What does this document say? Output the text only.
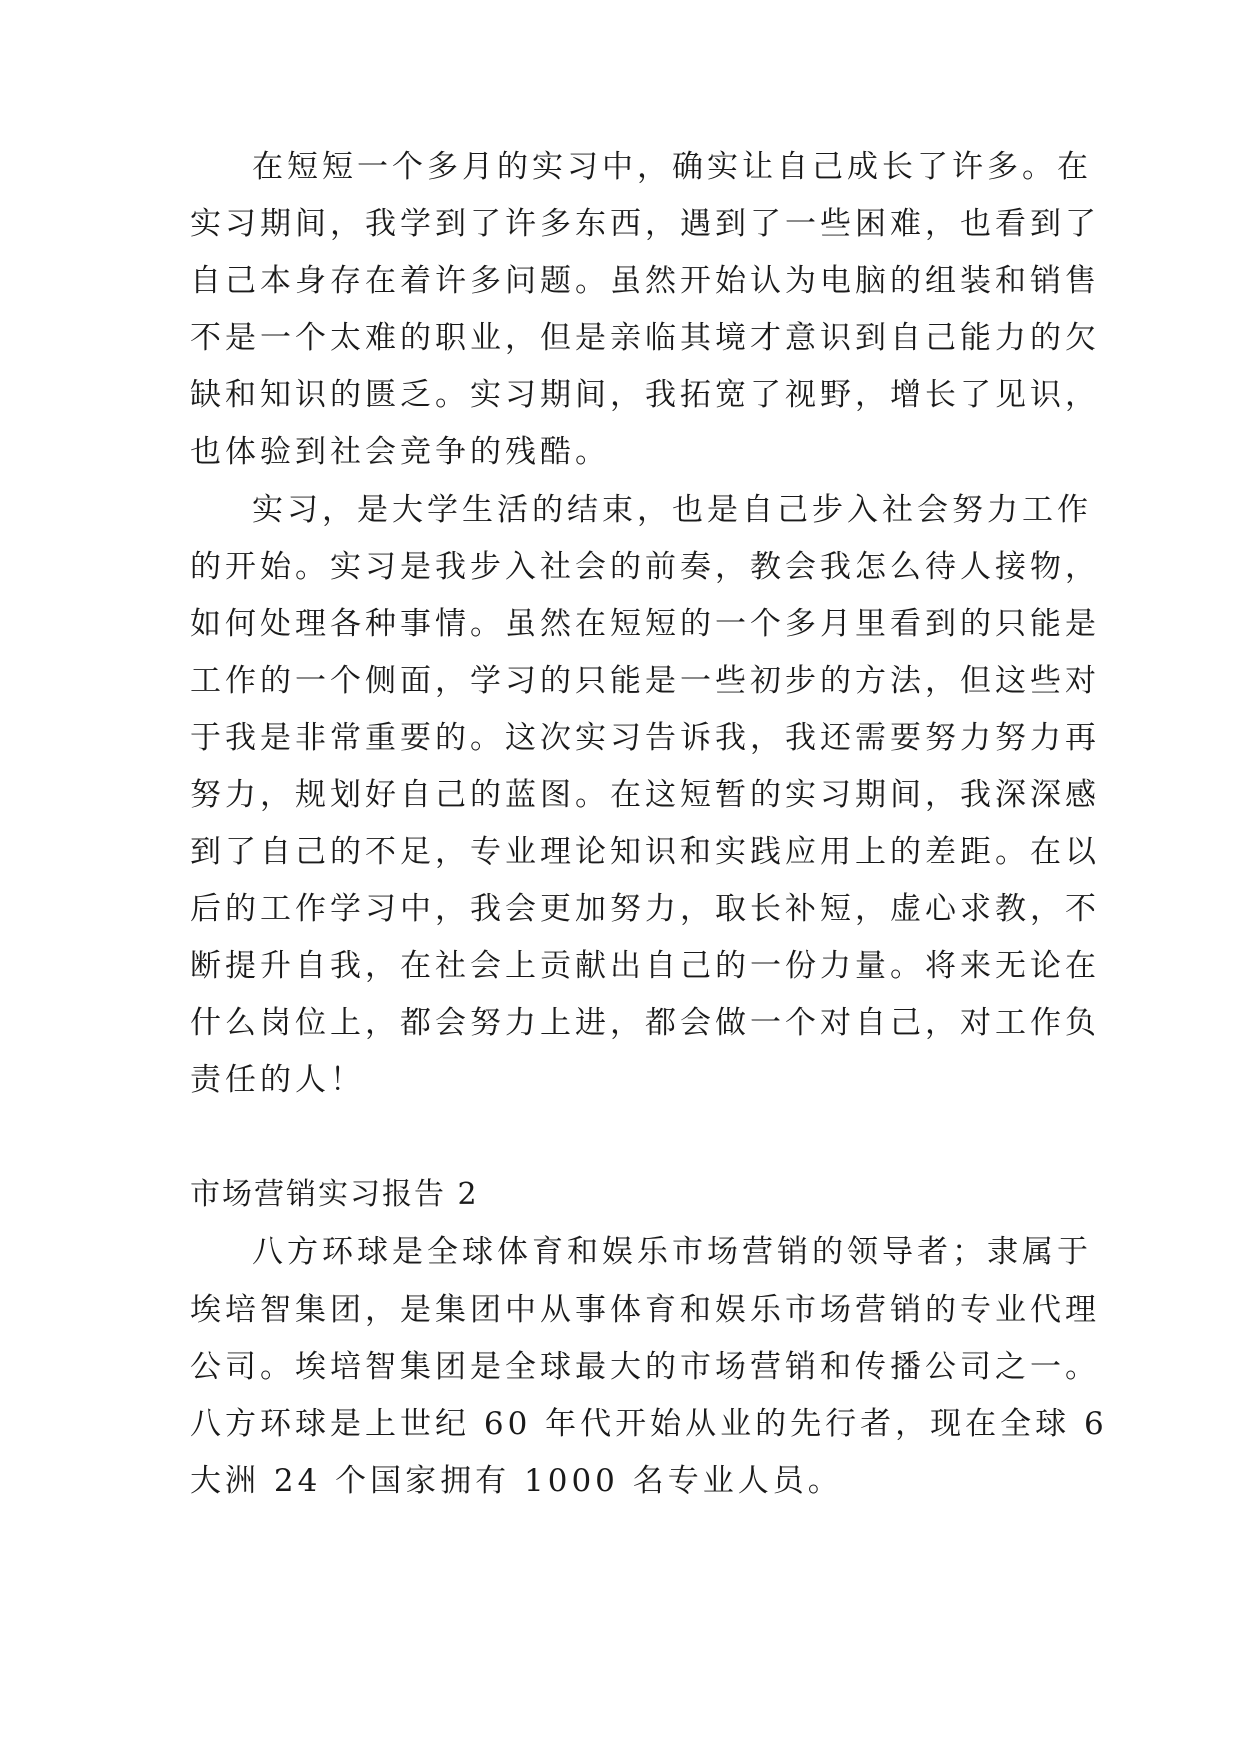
在短短一个多月的实习中，确实让自己成长了许多。在
实习期间，我学到了许多东西，遇到了一些困难，也看到了
自己本身存在着许多问题。虽然开始认为电脑的组装和销售
不是一个太难的职业，但是亲临其境才意识到自己能力的欠
缺和知识的匮乏。实习期间，我拓宽了视野，增长了见识，
也体验到社会竞争的残酷。
实习，是大学生活的结束，也是自己步入社会努力工作
的开始。实习是我步入社会的前奏，教会我怎么待人接物，
如何处理各种事情。虽然在短短的一个多月里看到的只能是
工作的一个侧面，学习的只能是一些初步的方法，但这些对
于我是非常重要的。这次实习告诉我，我还需要努力努力再
努力，规划好自己的蓝图。在这短暂的实习期间，我深深感
到了自己的不足，专业理论知识和实践应用上的差距。在以
后的工作学习中，我会更加努力，取长补短，虚心求教，不
断提升自我，在社会上贡献出自己的一份力量。将来无论在
什么岗位上，都会努力上进，都会做一个对自己，对工作负
责任的人！
市场营销实习报告 2
八方环球是全球体育和娱乐市场营销的领导者；隶属于
埃培智集团，是集团中从事体育和娱乐市场营销的专业代理
公司。埃培智集团是全球最大的市场营销和传播公司之一。
八方环球是上世纪 60 年代开始从业的先行者，现在全球 6
大洲 24 个国家拥有 1000 名专业人员。
